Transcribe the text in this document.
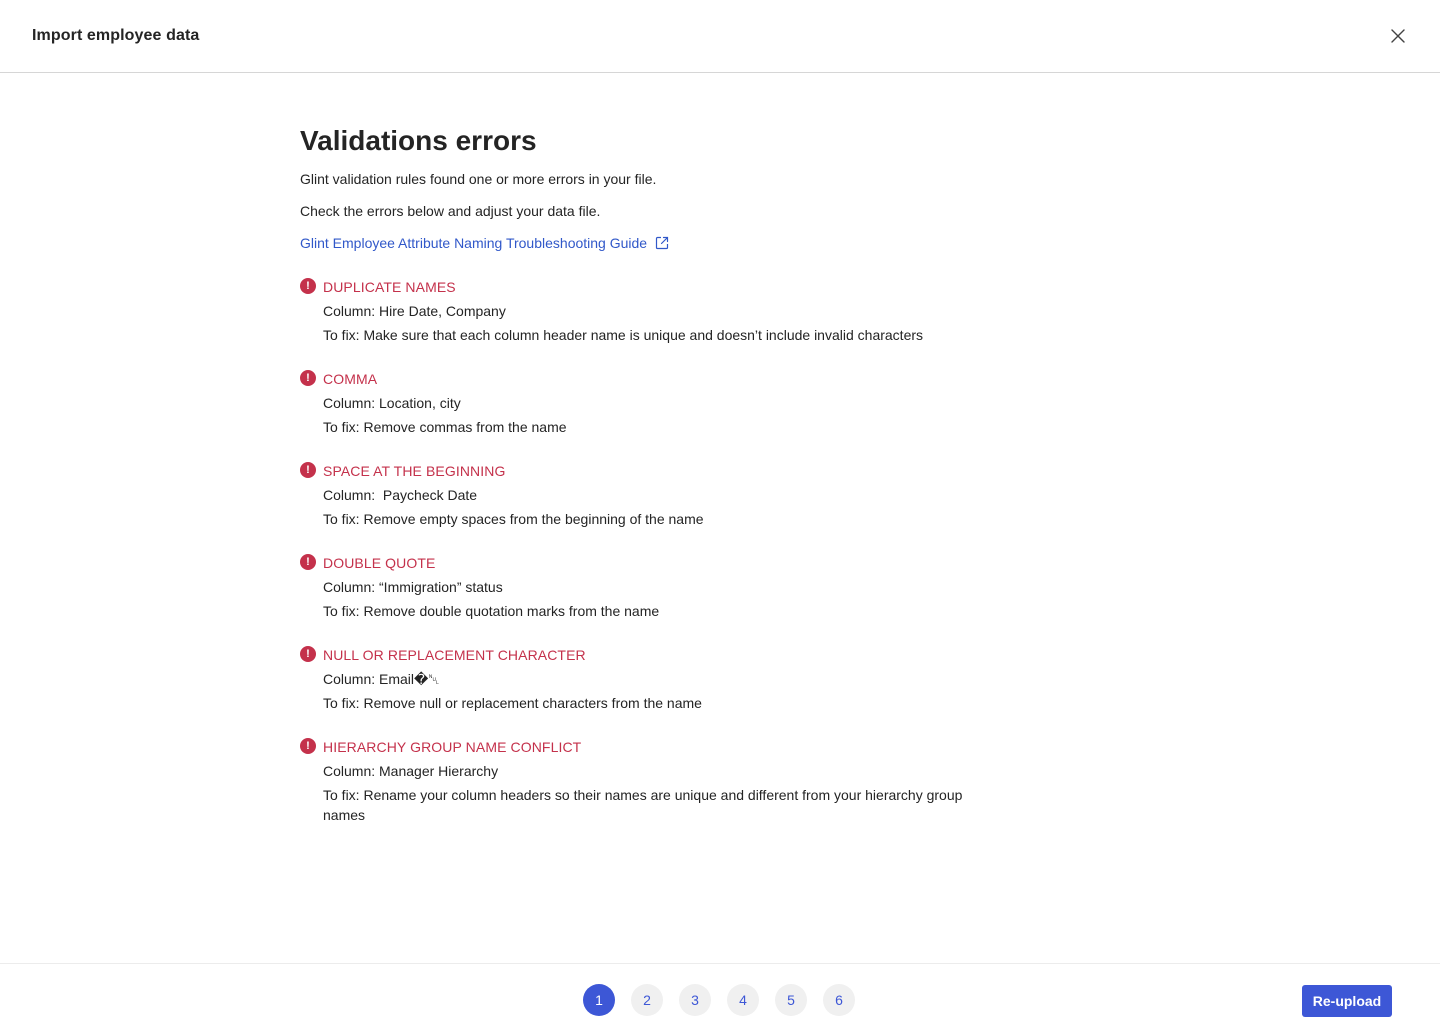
Import employee data
Validations errors
Glint validation rules found one or more errors in your file.
Check the errors below and adjust your data file.
Glint Employee Attribute Naming Troubleshooting Guide
! DUPLICATE NAMES
Column: Hire Date, Company
To fix: Make sure that each column header name is unique and doesn’t include invalid characters
! COMMA
Column: Location, city
To fix: Remove commas from the name
! SPACE AT THE BEGINNING
Column:  Paycheck Date
To fix: Remove empty spaces from the beginning of the name
! DOUBLE QUOTE
Column: “Immigration” status
To fix: Remove double quotation marks from the name
! NULL OR REPLACEMENT CHARACTER
Column: Email�␀
To fix: Remove null or replacement characters from the name
! HIERARCHY GROUP NAME CONFLICT
Column: Manager Hierarchy
To fix: Rename your column headers so their names are unique and different from your hierarchy group names
1	2	3	4	5	6	Re-upload
